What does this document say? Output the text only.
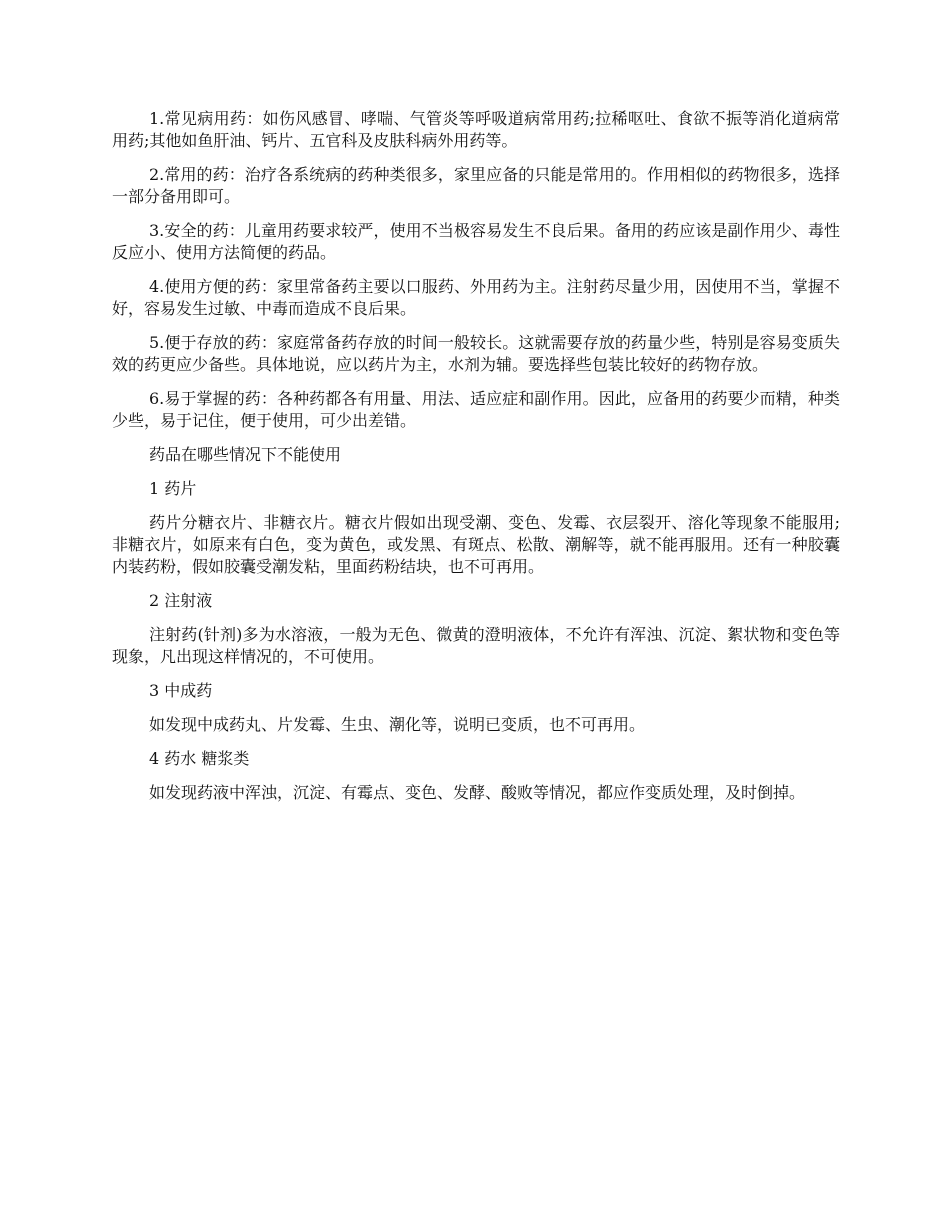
1.常见病用药：如伤风感冒、哮喘、气管炎等呼吸道病常用药;拉稀呕吐、食欲不振等消化道病常用药;其他如鱼肝油、钙片、五官科及皮肤科病外用药等。

2.常用的药：治疗各系统病的药种类很多，家里应备的只能是常用的。作用相似的药物很多，选择一部分备用即可。

3.安全的药：儿童用药要求较严，使用不当极容易发生不良后果。备用的药应该是副作用少、毒性反应小、使用方法简便的药品。

4.使用方便的药：家里常备药主要以口服药、外用药为主。注射药尽量少用，因使用不当，掌握不好，容易发生过敏、中毒而造成不良后果。

5.便于存放的药：家庭常备药存放的时间一般较长。这就需要存放的药量少些，特别是容易变质失效的药更应少备些。具体地说，应以药片为主，水剂为辅。要选择些包装比较好的药物存放。

6.易于掌握的药：各种药都各有用量、用法、适应症和副作用。因此，应备用的药要少而精，种类少些，易于记住，便于使用，可少出差错。

药品在哪些情况下不能使用

1 药片

药片分糖衣片、非糖衣片。糖衣片假如出现受潮、变色、发霉、衣层裂开、溶化等现象不能服用;非糖衣片，如原来有白色，变为黄色，或发黑、有斑点、松散、潮解等，就不能再服用。还有一种胶囊内装药粉，假如胶囊受潮发粘，里面药粉结块，也不可再用。

2 注射液

注射药(针剂)多为水溶液，一般为无色、微黄的澄明液体，不允许有浑浊、沉淀、絮状物和变色等现象，凡出现这样情况的，不可使用。

3 中成药

如发现中成药丸、片发霉、生虫、潮化等，说明已变质，也不可再用。

4 药水 糖浆类

如发现药液中浑浊，沉淀、有霉点、变色、发酵、酸败等情况，都应作变质处理，及时倒掉。
